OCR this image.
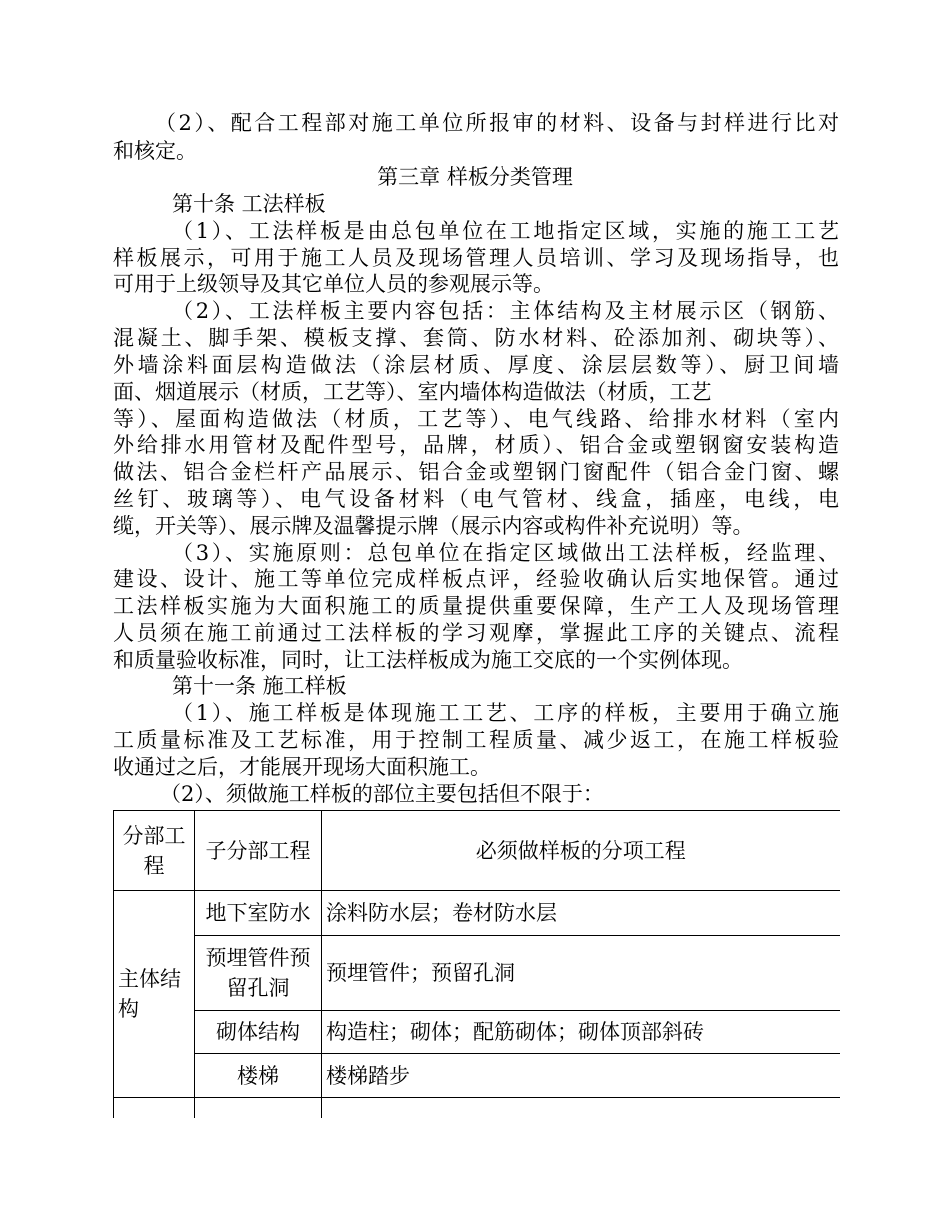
（2）、配合工程部对施工单位所报审的材料、设备与封样进行比对
和核定。
第三章 样板分类管理
第十条 工法样板
（1）、工法样板是由总包单位在工地指定区域，实施的施工工艺
样板展示，可用于施工人员及现场管理人员培训、学习及现场指导，也
可用于上级领导及其它单位人员的参观展示等。
（2）、工法样板主要内容包括：主体结构及主材展示区（钢筋、
混凝土、脚手架、模板支撑、套筒、防水材料、砼添加剂、砌块等）、
外墙涂料面层构造做法（涂层材质、厚度、涂层层数等）、厨卫间墙
面、烟道展示（材质，工艺等）、室内墙体构造做法（材质，工艺
等）、屋面构造做法（材质，工艺等）、电气线路、给排水材料（室内
外给排水用管材及配件型号，品牌，材质）、铝合金或塑钢窗安装构造
做法、铝合金栏杆产品展示、铝合金或塑钢门窗配件（铝合金门窗、螺
丝钉、玻璃等）、电气设备材料（电气管材、线盒，插座，电线，电
缆，开关等）、展示牌及温馨提示牌（展示内容或构件补充说明）等。
（3）、实施原则：总包单位在指定区域做出工法样板，经监理、
建设、设计、施工等单位完成样板点评，经验收确认后实地保管。通过
工法样板实施为大面积施工的质量提供重要保障，生产工人及现场管理
人员须在施工前通过工法样板的学习观摩，掌握此工序的关键点、流程
和质量验收标准，同时，让工法样板成为施工交底的一个实例体现。
第十一条 施工样板
（1）、施工样板是体现施工工艺、工序的样板，主要用于确立施
工质量标准及工艺标准，用于控制工程质量、减少返工，在施工样板验
收通过之后，才能展开现场大面积施工。
（2）、须做施工样板的部位主要包括但不限于：
分部工程	子分部工程	必须做样板的分项工程
主体结构	地下室防水	涂料防水层；卷材防水层
	预埋管件预留孔洞	预埋管件；预留孔洞
	砌体结构	构造柱；砌体；配筋砌体；砌体顶部斜砖
	楼梯	楼梯踏步
